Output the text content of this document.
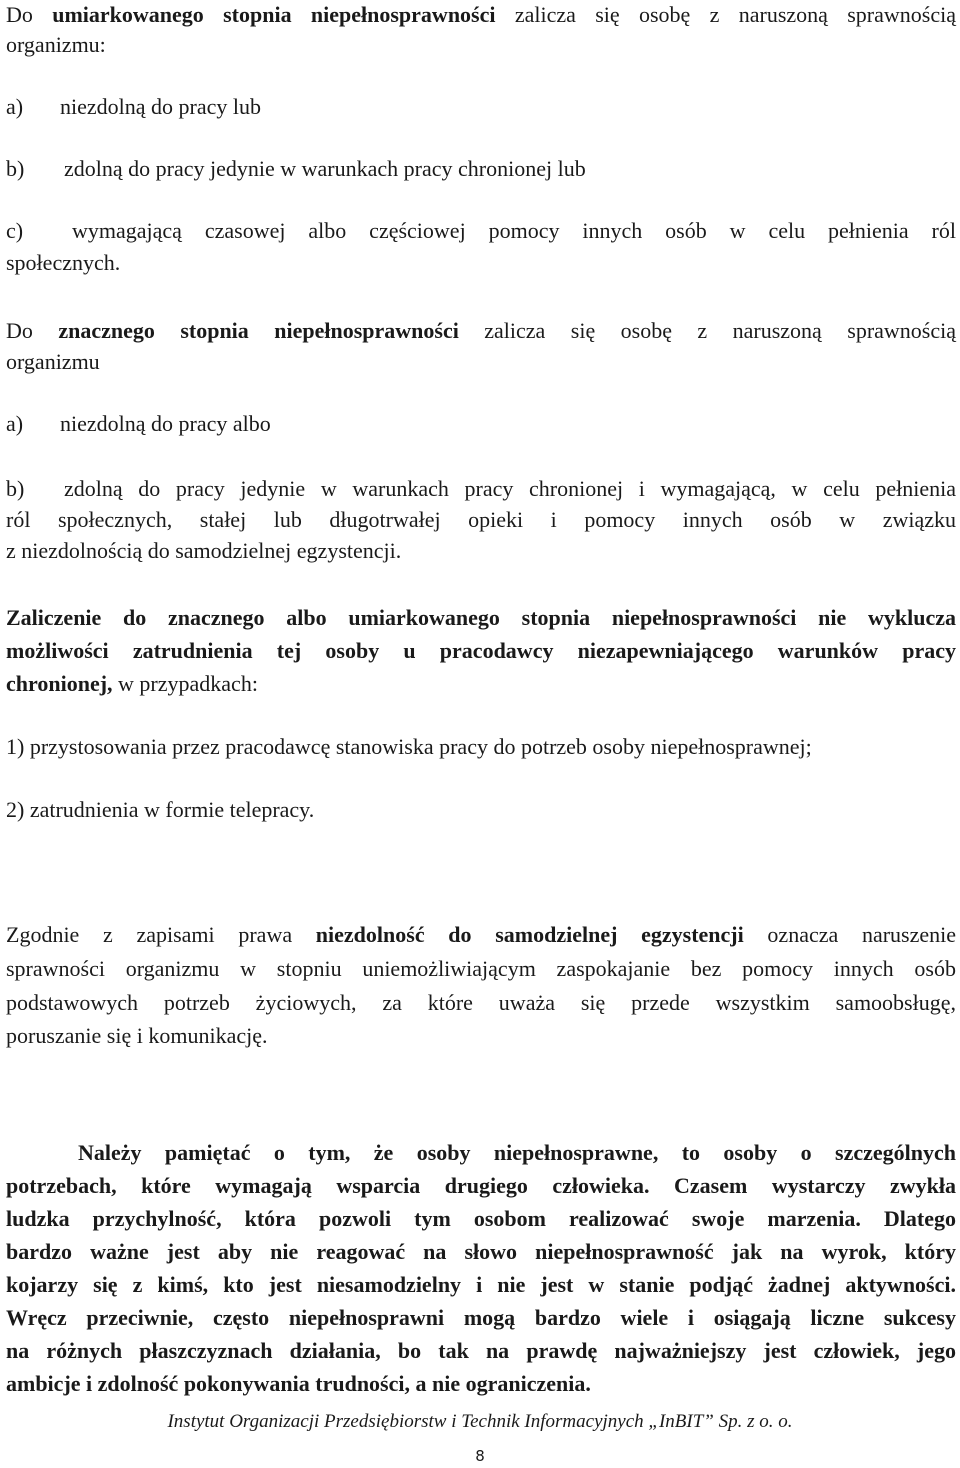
Do umiarkowanego stopnia niepełnosprawności zalicza się osobę z naruszoną sprawnością
organizmu:
a) niezdolną do pracy lub
b) zdolną do pracy jedynie w warunkach pracy chronionej lub
c) wymagającą czasowej albo częściowej pomocy innych osób w celu pełnienia ról
społecznych.
Do znacznego stopnia niepełnosprawności zalicza się osobę z naruszoną sprawnością
organizmu
a) niezdolną do pracy albo
b) zdolną do pracy jedynie w warunkach pracy chronionej i wymagającą, w celu pełnienia
ról społecznych, stałej lub długotrwałej opieki i pomocy innych osób w związku
z niezdolnością do samodzielnej egzystencji.
Zaliczenie do znacznego albo umiarkowanego stopnia niepełnosprawności nie wyklucza
możliwości zatrudnienia tej osoby u pracodawcy niezapewniającego warunków pracy
chronionej, w przypadkach:
1) przystosowania przez pracodawcę stanowiska pracy do potrzeb osoby niepełnosprawnej;
2) zatrudnienia w formie telepracy.
Zgodnie z zapisami prawa niezdolność do samodzielnej egzystencji oznacza naruszenie
sprawności organizmu w stopniu uniemożliwiającym zaspokajanie bez pomocy innych osób
podstawowych potrzeb życiowych, za które uważa się przede wszystkim samoobsługę,
poruszanie się i komunikację.
Należy pamiętać o tym, że osoby niepełnosprawne, to osoby o szczególnych
potrzebach, które wymagają wsparcia drugiego człowieka. Czasem wystarczy zwykła
ludzka przychylność, która pozwoli tym osobom realizować swoje marzenia. Dlatego
bardzo ważne jest aby nie reagować na słowo niepełnosprawność jak na wyrok, który
kojarzy się z kimś, kto jest niesamodzielny i nie jest w stanie podjąć żadnej aktywności.
Wręcz przeciwnie, często niepełnosprawni mogą bardzo wiele i osiągają liczne sukcesy
na różnych płaszczyznach działania, bo tak na prawdę najważniejszy jest człowiek, jego
ambicje i zdolność pokonywania trudności, a nie ograniczenia.
Instytut Organizacji Przedsiębiorstw i Technik Informacyjnych „InBIT” Sp. z o. o.
8
